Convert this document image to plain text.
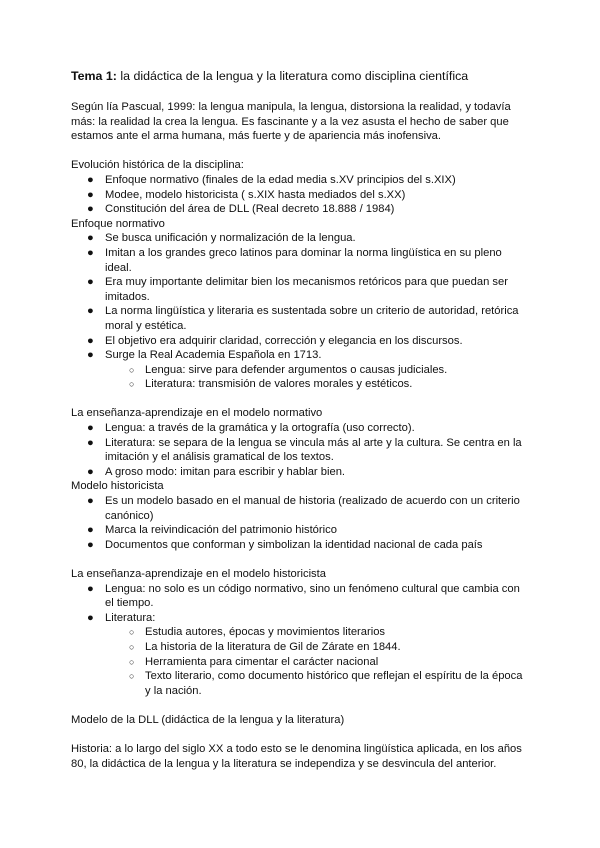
Tema 1: la didáctica de la lengua y la literatura como disciplina científica

Según lía Pascual, 1999: la lengua manipula, la lengua, distorsiona la realidad, y todavía más: la realidad la crea la lengua. Es fascinante y a la vez asusta el hecho de saber que estamos ante el arma humana, más fuerte y de apariencia más inofensiva.

Evolución histórica de la disciplina:

● Enfoque normativo (finales de la edad media s.XV principios del s.XIX)
● Modee, modelo historicista ( s.XIX hasta mediados del s.XX)
● Constitución del área de DLL (Real decreto 18.888 / 1984)

Enfoque normativo

● Se busca unificación y normalización de la lengua.
● Imitan a los grandes greco latinos para dominar la norma lingüística en su pleno ideal.
● Era muy importante delimitar bien los mecanismos retóricos para que puedan ser imitados.
● La norma lingüística y literaria es sustentada sobre un criterio de autoridad, retórica moral y estética.
● El objetivo era adquirir claridad, corrección y elegancia en los discursos.
● Surge la Real Academia Española en 1713.
○ Lengua: sirve para defender argumentos o causas judiciales.
○ Literatura: transmisión de valores morales y estéticos.

La enseñanza-aprendizaje en el modelo normativo

● Lengua: a través de la gramática y la ortografía (uso correcto).
● Literatura: se separa de la lengua se vincula más al arte y la cultura. Se centra en la imitación y el análisis gramatical de los textos.
● A groso modo: imitan para escribir y hablar bien.

Modelo historicista

● Es un modelo basado en el manual de historia (realizado de acuerdo con un criterio canónico)
● Marca la reivindicación del patrimonio histórico
● Documentos que conforman y simbolizan la identidad nacional de cada país

La enseñanza-aprendizaje en el modelo historicista

● Lengua: no solo es un código normativo, sino un fenómeno cultural que cambia con el tiempo.
● Literatura:
○ Estudia autores, épocas y movimientos literarios
○ La historia de la literatura de Gil de Zárate en 1844.
○ Herramienta para cimentar el carácter nacional
○ Texto literario, como documento histórico que reflejan el espíritu de la época y la nación.

Modelo de la DLL (didáctica de la lengua y la literatura)

Historia: a lo largo del siglo XX a todo esto se le denomina lingüística aplicada, en los años 80, la didáctica de la lengua y la literatura se independiza y se desvincula del anterior.
